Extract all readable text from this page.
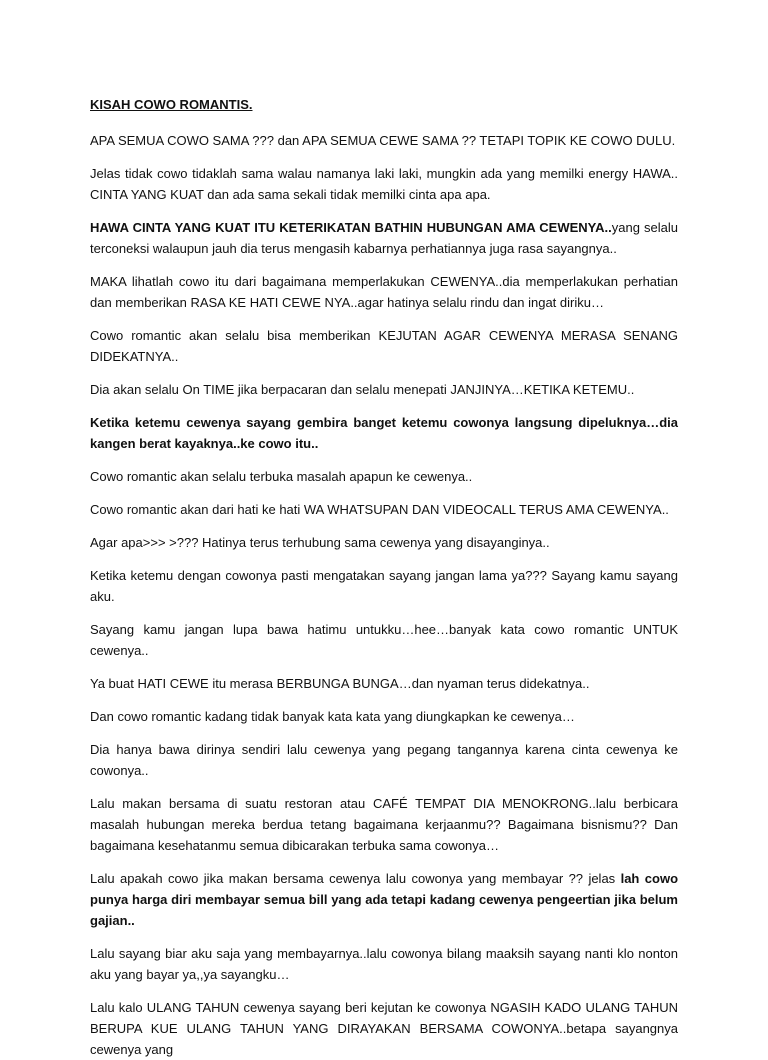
KISAH COWO ROMANTIS.

APA SEMUA COWO SAMA ??? dan APA SEMUA CEWE SAMA ?? TETAPI TOPIK KE COWO DULU.

Jelas tidak cowo tidaklah sama walau namanya laki laki, mungkin ada yang memilki energy HAWA.. CINTA YANG KUAT dan ada sama sekali tidak memilki cinta apa apa.

HAWA CINTA YANG KUAT ITU KETERIKATAN BATHIN HUBUNGAN AMA CEWENYA..yang selalu terconeksi walaupun jauh dia terus mengasih kabarnya perhatiannya juga rasa sayangnya..

MAKA lihatlah cowo itu dari bagaimana memperlakukan CEWENYA..dia memperlakukan perhatian dan memberikan RASA KE HATI CEWE NYA..agar hatinya selalu rindu dan ingat diriku…

Cowo romantic akan selalu bisa memberikan KEJUTAN AGAR CEWENYA MERASA SENANG DIDEKATNYA..

Dia akan selalu On TIME jika berpacaran dan selalu menepati JANJINYA…KETIKA KETEMU..

Ketika ketemu cewenya sayang gembira banget ketemu cowonya langsung dipeluknya…dia kangen berat kayaknya..ke cowo itu..

Cowo romantic akan selalu terbuka masalah apapun ke cewenya..

Cowo romantic akan dari hati ke hati WA WHATSUPAN DAN VIDEOCALL TERUS AMA CEWENYA..

Agar apa>>> >??? Hatinya terus terhubung sama cewenya yang disayanginya..

Ketika ketemu dengan cowonya pasti mengatakan sayang jangan lama ya??? Sayang kamu sayang aku.

Sayang kamu jangan lupa bawa hatimu untukku…hee…banyak kata cowo romantic UNTUK cewenya..

Ya buat HATI CEWE itu merasa BERBUNGA BUNGA…dan nyaman terus didekatnya..

Dan cowo romantic kadang tidak banyak kata kata yang diungkapkan ke cewenya…

Dia hanya bawa dirinya sendiri lalu cewenya yang pegang tangannya karena cinta cewenya ke cowonya..

Lalu makan bersama di suatu restoran atau CAFÉ TEMPAT DIA MENOKRONG..lalu berbicara masalah hubungan mereka berdua tetang bagaimana kerjaanmu?? Bagaimana bisnismu?? Dan bagaimana kesehatanmu semua dibicarakan terbuka sama cowonya…

Lalu apakah cowo jika makan bersama cewenya lalu cowonya yang membayar ?? jelas lah cowo punya harga diri membayar semua bill yang ada tetapi kadang cewenya pengeertian jika belum gajian..

Lalu sayang biar aku saja yang membayarnya..lalu cowonya bilang maaksih sayang nanti klo nonton aku yang bayar ya,,ya sayangku…

Lalu kalo ULANG TAHUN cewenya sayang beri kejutan ke cowonya NGASIH KADO ULANG TAHUN BERUPA KUE ULANG TAHUN YANG DIRAYAKAN BERSAMA COWONYA..betapa sayangnya cewenya yang
